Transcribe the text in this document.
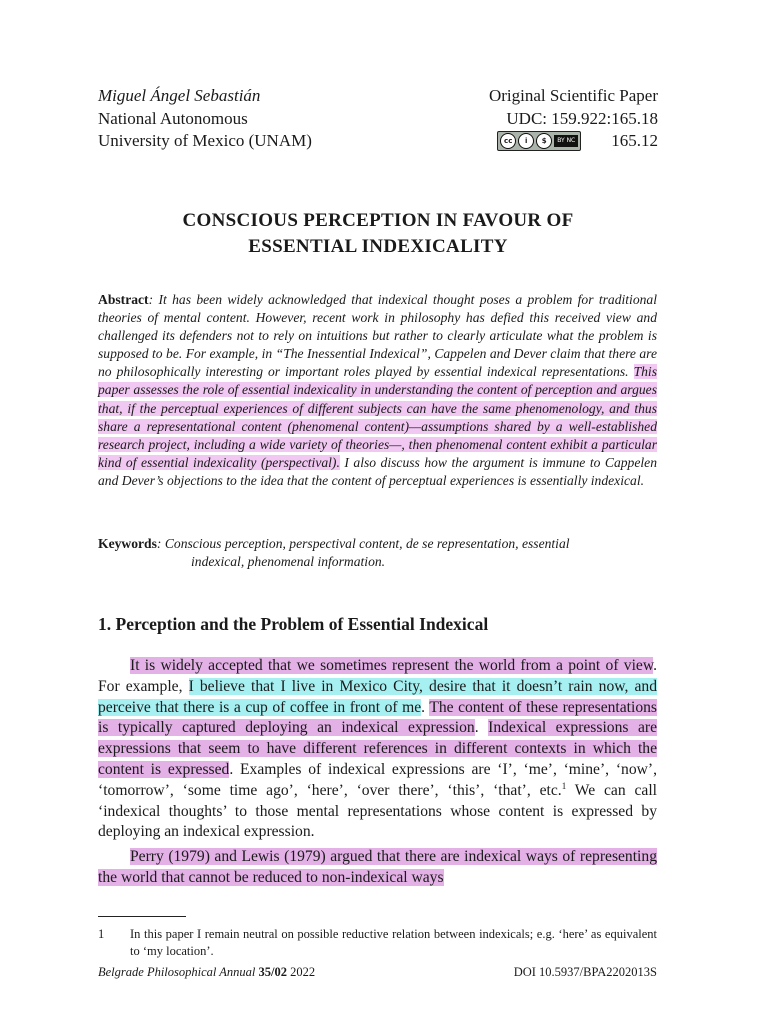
Miguel Ángel Sebastián
National Autonomous
University of Mexico (UNAM)
Original Scientific Paper
UDC: 159.922:165.18
cc	i	$	BY NC 165.12
CONSCIOUS PERCEPTION IN FAVOUR OF
ESSENTIAL INDEXICALITY
Abstract: It has been widely acknowledged that indexical thought poses a problem for traditional theories of mental content. However, recent work in philosophy has defied this received view and challenged its defenders not to rely on intuitions but rather to clearly articulate what the problem is supposed to be. For example, in “The Inessential Indexical”, Cappelen and Dever claim that there are no philosophically interesting or important roles played by essential indexical representations. This paper assesses the role of essential indexicality in understanding the content of perception and argues that, if the perceptual experiences of different subjects can have the same phenomenology, and thus share a representational content (phenomenal content)—assumptions shared by a well-established research project, including a wide variety of theories—, then phenomenal content exhibit a particular kind of essential indexicality (perspectival). I also discuss how the argument is immune to Cappelen and Dever’s objections to the idea that the content of perceptual experiences is essentially indexical.
Keywords: Conscious perception, perspectival content, de se representation, essential
indexical, phenomenal information.
1. Perception and the Problem of Essential Indexical

It is widely accepted that we sometimes represent the world from a point of view. For example, I believe that I live in Mexico City, desire that it doesn’t rain now, and perceive that there is a cup of coffee in front of me. The content of these representations is typically captured deploying an indexical expression. Indexical expressions are expressions that seem to have different references in different contexts in which the content is expressed. Examples of indexical expressions are ‘I’, ‘me’, ‘mine’, ‘now’, ‘tomorrow’, ‘some time ago’, ‘here’, ‘over there’, ‘this’, ‘that’, etc.$^1$ We can call ‘indexical thoughts’ to those mental representations whose content is expressed by deploying an indexical expression.

Perry (1979) and Lewis (1979) argued that there are indexical ways of representing the world that cannot be reduced to non-indexical ways

1 In this paper I remain neutral on possible reductive relation between indexicals; e.g. ‘here’ as equivalent to ‘my location’.
Belgrade Philosophical Annual 35/02 2022	DOI 10.5937/BPA2202013S
